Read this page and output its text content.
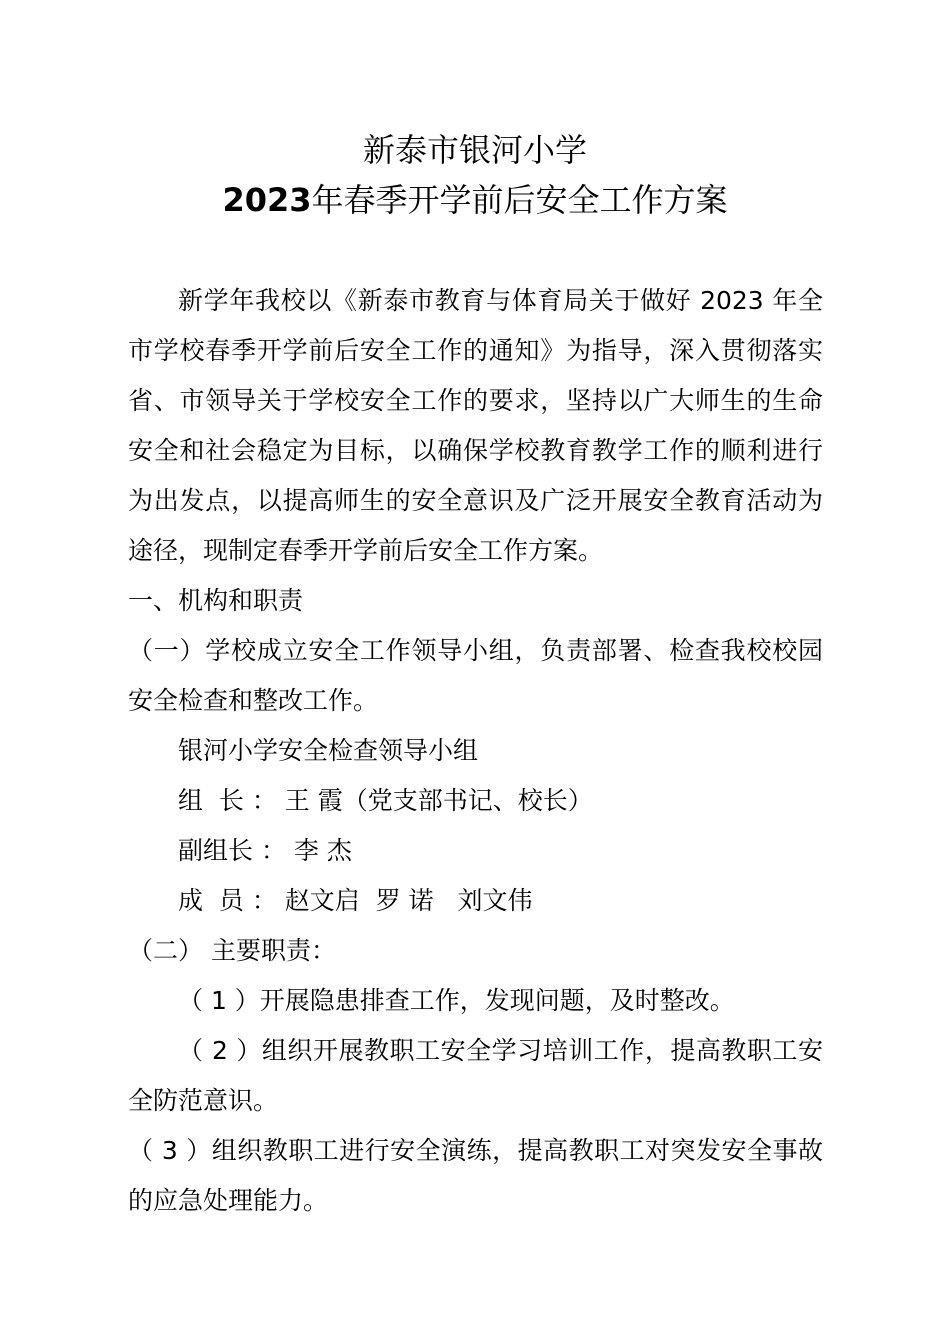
新泰市银河小学
2023年春季开学前后安全工作方案
新学年我校以《新泰市教育与体育局关于做好 2023 年全
市学校春季开学前后安全工作的通知》为指导，深入贯彻落实
省、市领导关于学校安全工作的要求，坚持以广大师生的生命
安全和社会稳定为目标，以确保学校教育教学工作的顺利进行
为出发点，以提高师生的安全意识及广泛开展安全教育活动为
途径，现制定春季开学前后安全工作方案。
一、机构和职责
（一）学校成立安全工作领导小组，负责部署、检查我校校园
安全检查和整改工作。
银河小学安全检查领导小组
组  长 ： 王 霞（党支部书记、校长）
副组长 ： 李 杰
成  员 ： 赵文启  罗 诺   刘文伟
（二） 主要职责：
（ 1 ）开展隐患排查工作，发现问题，及时整改。
（ 2 ）组织开展教职工安全学习培训工作，提高教职工安
全防范意识。
（ 3 ）组织教职工进行安全演练，提高教职工对突发安全事故
的应急处理能力。
